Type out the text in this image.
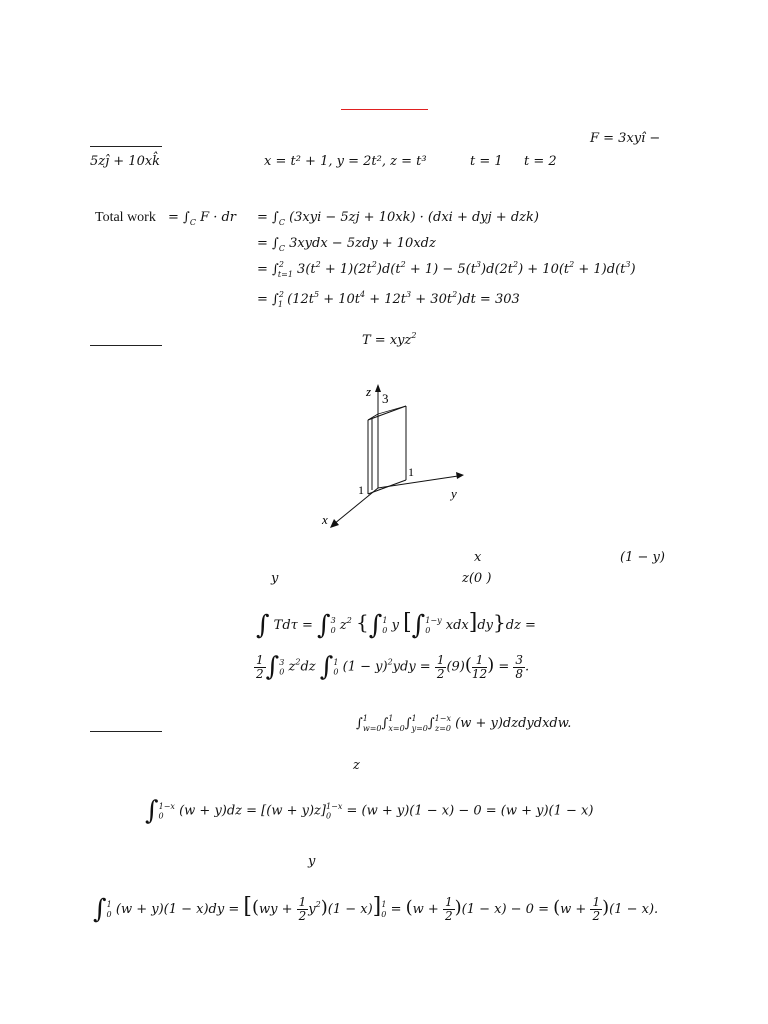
F = 3xyî −
5zĵ + 10xk̂	x = t² + 1, y = 2t², z = t³	t = 1 t = 2
Total work = $\int_C$ F · dr = $\int_C$ (3xyi − 5zj + 10xk) · (dxi + dyj + dzk)
= $\int_C$ 3xydx − 5zdy + 10xdz
= ∫$^2_{t=1}$ $3(t^2 + 1)(2t^2)d(t^2 + 1) - 5(t^3)d(2t^2) + 10(t^2 + 1)d(t^3)$
= ∫$^2_1$ $(12t^5 + 10t^4 + 12t^3 + 30t^2)dt = 303$
T = xyz$^2$
z 3
1
1	y
x
x	(1 − y)
y	z(0 )
∫ $Td\tau = \int_0^3$ $z^2$ {$\int_0^1$ y [$\int_0^{1-y}$ xdx]dy}dz =
$\frac{1}{2} \int_0^3$ $z^2dz$ $\int_0^1$ $(1 - y)^2ydy = \frac{1}{2} (9)( \frac{1}{12}$ ) = $\frac{3}{8}$ .
∫$^1_{w=0}$∫$^1_{x=0}$∫$^1_{y=0}$∫$^{1-x}_{z=0}$ (w + y)dzdydxdw.
z
$\int_0^{1-x}$ $(w + y)dz = [(w + y)z]_0^{1-x} = (w + y)(1 - x) - 0 = (w + y)(1 - x)$
y
$\int_0^1$ $(w + y)(1 - x)dy = [(wy + \frac{1}{2} y^2)(1 - x)]_0^1 = (w + \frac{1}{2} )(1 - x) - 0 = (w + \frac{1}{2} )(1 - x)$.
